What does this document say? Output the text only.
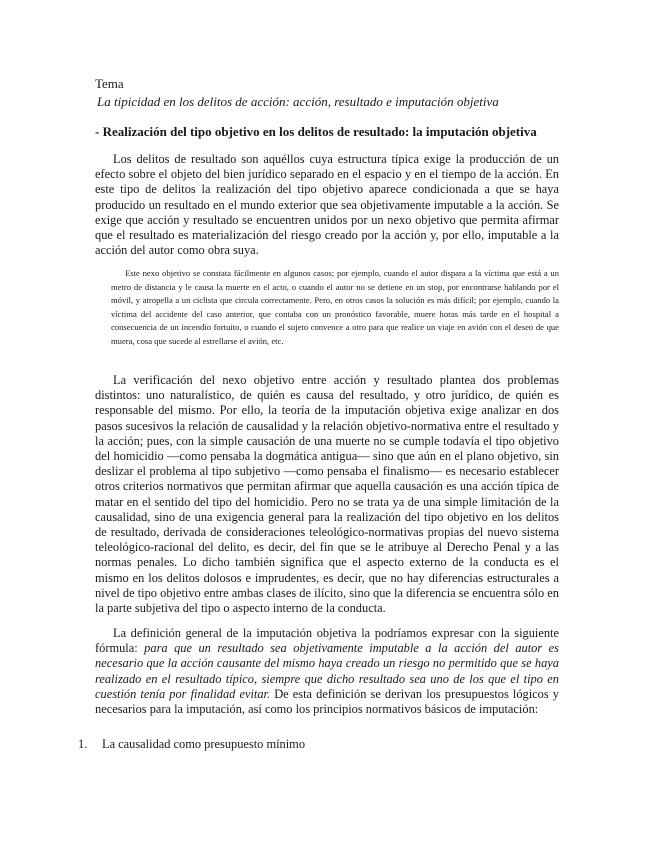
Tema
La tipicidad en los delitos de acción: acción, resultado e imputación objetiva
- Realización del tipo objetivo en los delitos de resultado: la imputación objetiva

Los delitos de resultado son aquéllos cuya estructura típica exige la producción de un efecto sobre el objeto del bien jurídico separado en el espacio y en el tiempo de la acción. En este tipo de delitos la realización del tipo objetivo aparece condicionada a que se haya producido un resultado en el mundo exterior que sea objetivamente imputable a la acción. Se exige que acción y resultado se encuentren unidos por un nexo objetivo que permita afirmar que el resultado es materialización del riesgo creado por la acción y, por ello, imputable a la acción del autor como obra suya.

Este nexo objetivo se constata fácilmente en algunos casos; por ejemplo, cuando el autor dispara a la víctima que está a un metro de distancia y le causa la muerte en el acto, o cuando el autor no se detiene en un stop, por encontrarse hablando por el móvil, y atropella a un ciclista que circula correctamente. Pero, en otros casos la solución es más difícil; por ejemplo, cuando la víctima del accidente del caso anterior, que contaba con un pronóstico favorable, muere horas más tarde en el hospital a consecuencia de un incendio fortuito, o cuando el sujeto convence a otro para que realice un viaje en avión con el deseo de que muera, cosa que sucede al estrellarse el avión, etc.

La verificación del nexo objetivo entre acción y resultado plantea dos problemas distintos: uno naturalístico, de quién es causa del resultado, y otro jurídico, de quién es responsable del mismo. Por ello, la teoría de la imputación objetiva exige analizar en dos pasos sucesivos la relación de causalidad y la relación objetivo-normativa entre el resultado y la acción; pues, con la simple causación de una muerte no se cumple todavía el tipo objetivo del homicidio —como pensaba la dogmática antigua— sino que aún en el plano objetivo, sin deslizar el problema al tipo subjetivo —como pensaba el finalismo— es necesario establecer otros criterios normativos que permitan afirmar que aquella causación es una acción típica de matar en el sentido del tipo del homicidio. Pero no se trata ya de una simple limitación de la causalidad, sino de una exigencia general para la realización del tipo objetivo en los delitos de resultado, derivada de consideraciones teleológico-normativas propias del nuevo sistema teleológico-racional del delito, es decir, del fin que se le atribuye al Derecho Penal y a las normas penales. Lo dicho también significa que el aspecto externo de la conducta es el mismo en los delitos dolosos e imprudentes, es decir, que no hay diferencias estructurales a nivel de tipo objetivo entre ambas clases de ilícito, sino que la diferencia se encuentra sólo en la parte subjetiva del tipo o aspecto interno de la conducta.

La definición general de la imputación objetiva la podríamos expresar con la siguiente fórmula: para que un resultado sea objetivamente imputable a la acción del autor es necesario que la acción causante del mismo haya creado un riesgo no permitido que se haya realizado en el resultado típico, siempre que dicho resultado sea uno de los que el tipo en cuestión tenía por finalidad evitar. De esta definición se derivan los presupuestos lógicos y necesarios para la imputación, así como los principios normativos básicos de imputación:

1. La causalidad como presupuesto mínimo
